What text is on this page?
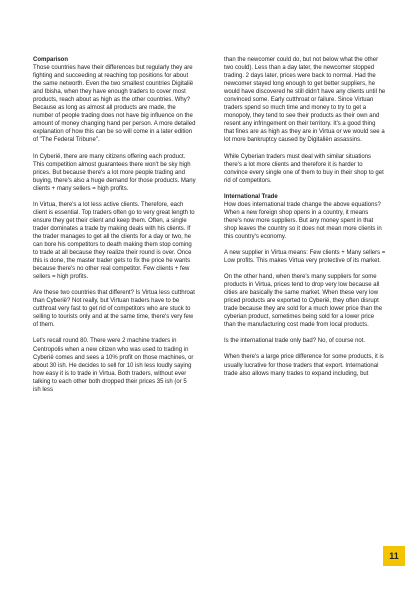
Comparison

Those countries have their differences but regularly they are fighting and succeeding at reaching top positions for about the same networth. Even the two smallest countries Digitalië and Ibisha, when they have enough traders to cover most products, reach about as high as the other countries. Why? Because as long as almost all products are made, the number of people trading does not have big influence on the amount of money changing hand per person. A more detailed explanation of how this can be so will come in a later edition of "The Federal Tribune".

In Cyberië, there are many citizens offering each product. This competition almost guarantees there won't be sky high prices. But because there's a lot more people trading and buying, there's also a huge demand for those products. Many clients + many sellers = high profits.

In Virtua, there's a lot less active clients. Therefore, each client is essential. Top traders often go to very great length to ensure they get their client and keep them. Often, a single trader dominates a trade by making deals with his clients. If the trader manages to get all the clients for a day or two, he can bore his competitors to death making them stop coming to trade at all because they realize their round is over. Once this is done, the master trader gets to fix the price he wants because there's no other real competitor. Few clients + few sellers = high profits.

Are these two countries that different? Is Virtua less cutthroat than Cyberië? Not really, but Virtuan traders have to be cutthroat very fast to get rid of competitors who are stuck to selling to tourists only and at the same time, there's very few of them.

Let's recall round 80. There were 2 machine traders in Centropolis when a new citizen who was used to trading in Cyberië comes and sees a 10% profit on those machines, or about 30 ish. He decides to sell for 10 ish less loudly saying how easy it is to trade in Virtua. Both traders, without ever talking to each other both dropped their prices 35 ish (or 5 ish less

than the newcomer could do, but not below what the other two could). Less than a day later, the newcomer stopped trading. 2 days later, prices were back to normal. Had the newcomer stayed long enough to get better suppliers, he would have discovered he still didn't have any clients until he convinced some. Early cutthroat or failure. Since Virtuan traders spend so much time and money to try to get a monopoly, they tend to see their products as their own and resent any infringement on their territory. It's a good thing that fines are as high as they are in Virtua or we would see a lot more bankruptcy caused by Digitalièn assassins.

While Cyberian traders must deal with similar situations there's a lot more clients and therefore it is harder to convince every single one of them to buy in their shop to get rid of competitors.

International Trade

How does international trade change the above equations? When a new foreign shop opens in a country, it means there's now more suppliers. But any money spent in that shop leaves the country so it does not mean more clients in this country's economy.

A new supplier in Virtua means: Few clients + Many sellers = Low profits. This makes Virtua very protective of its market.

On the other hand, when there's many suppliers for some products in Virtua, prices tend to drop very low because all cities are basically the same market. When these very low priced products are exported to Cyberië, they often disrupt trade because they are sold for a much lower price than the cyberian product, sometimes being sold for a lower price than the manufacturing cost made from local products.

Is the international trade only bad? No, of course not.

When there's a large price difference for some products, it is usually lucrative for those traders that export. International trade also allows many trades to expand including, but

11
